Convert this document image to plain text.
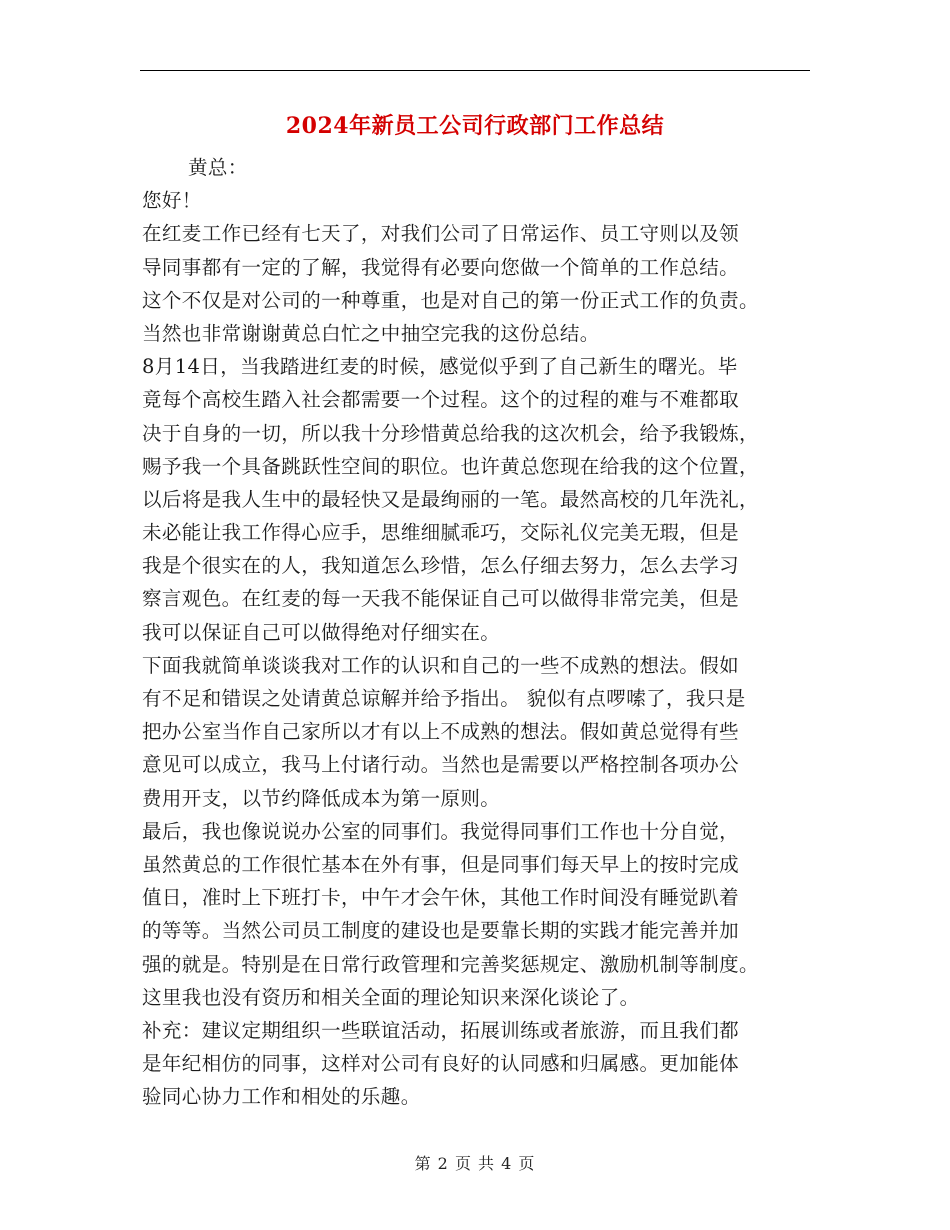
2024年新员工公司行政部门工作总结
黄总：
您好！
在红麦工作已经有七天了，对我们公司了日常运作、员工守则以及领
导同事都有一定的了解，我觉得有必要向您做一个简单的工作总结。
这个不仅是对公司的一种尊重，也是对自己的第一份正式工作的负责。
当然也非常谢谢黄总白忙之中抽空完我的这份总结。
8月14日，当我踏进红麦的时候，感觉似乎到了自己新生的曙光。毕
竟每个高校生踏入社会都需要一个过程。这个的过程的难与不难都取
决于自身的一切，所以我十分珍惜黄总给我的这次机会，给予我锻炼，
赐予我一个具备跳跃性空间的职位。也许黄总您现在给我的这个位置，
以后将是我人生中的最轻快又是最绚丽的一笔。最然高校的几年洗礼，
未必能让我工作得心应手，思维细腻乖巧，交际礼仪完美无瑕，但是
我是个很实在的人，我知道怎么珍惜，怎么仔细去努力，怎么去学习
察言观色。在红麦的每一天我不能保证自己可以做得非常完美，但是
我可以保证自己可以做得绝对仔细实在。
下面我就简单谈谈我对工作的认识和自己的一些不成熟的想法。假如
有不足和错误之处请黄总谅解并给予指出。 貌似有点啰嗦了，我只是
把办公室当作自己家所以才有以上不成熟的想法。假如黄总觉得有些
意见可以成立，我马上付诸行动。当然也是需要以严格控制各项办公
费用开支，以节约降低成本为第一原则。
最后，我也像说说办公室的同事们。我觉得同事们工作也十分自觉，
虽然黄总的工作很忙基本在外有事，但是同事们每天早上的按时完成
值日，准时上下班打卡，中午才会午休，其他工作时间没有睡觉趴着
的等等。当然公司员工制度的建设也是要靠长期的实践才能完善并加
强的就是。特别是在日常行政管理和完善奖惩规定、激励机制等制度。
这里我也没有资历和相关全面的理论知识来深化谈论了。
补充：建议定期组织一些联谊活动，拓展训练或者旅游，而且我们都
是年纪相仿的同事，这样对公司有良好的认同感和归属感。更加能体
验同心协力工作和相处的乐趣。
第 2 页 共 4 页
